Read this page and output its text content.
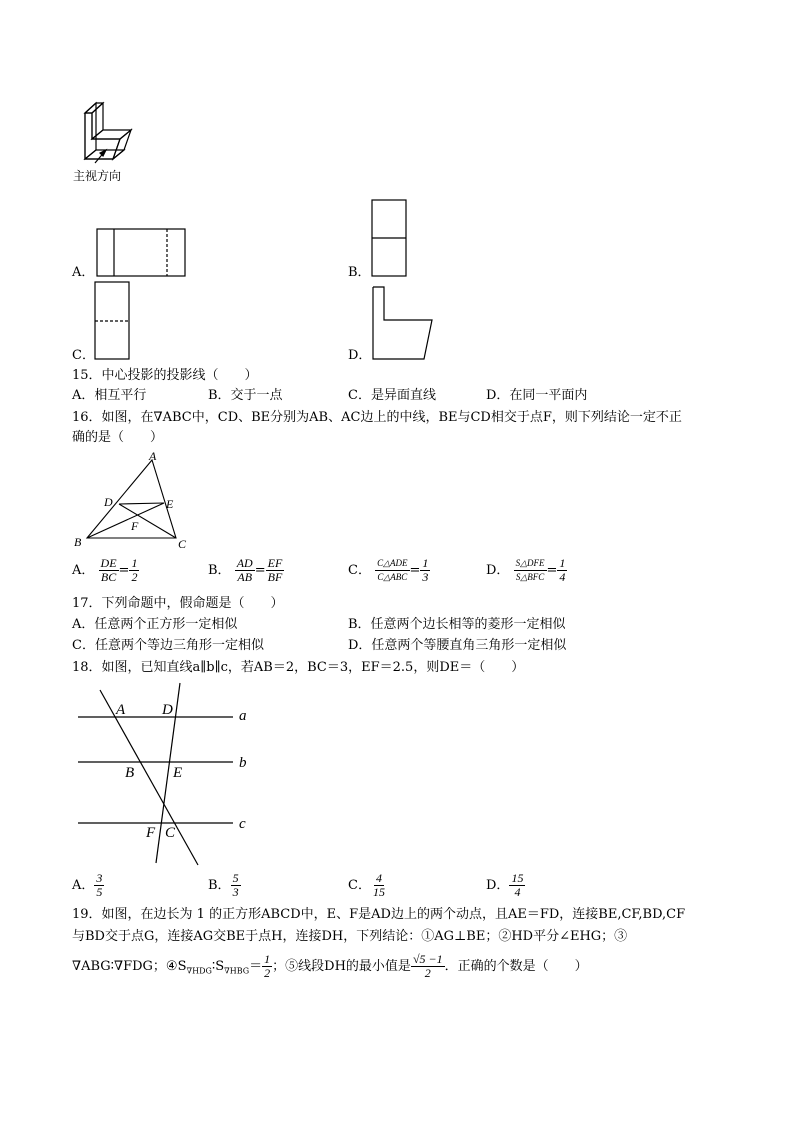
A
D	E
F
B	C
A D
B	E
F C
a
b
c
主视方向
A．	B．
C．	D．
15．中心投影的投影线（　　）
A．相互平行	B．交于一点	C．是异面直线	D．在同一平面内
16．如图，在∇ABC中，CD、BE分别为AB、AC边上的中线，BE与CD相交于点F，则下列结论一定不正
确的是（　　）
A． $\frac{DE}{BC} = \frac{1}{2}$	B． $\frac{AD}{AB} = \frac{EF}{BF}$	C． $\frac{\text{C△ADE}}{\text{C△ABC}} = \frac{1}{3}$	D． $\frac{\text{S△DFE}}{\text{S△BFC}} = \frac{1}{4}$
17．下列命题中，假命题是（　　）
A．任意两个正方形一定相似	B．任意两个边长相等的菱形一定相似
C．任意两个等边三角形一定相似	D．任意两个等腰直角三角形一定相似
18．如图，已知直线a∥b∥c，若AB＝2，BC＝3，EF＝2.5，则DE＝（　　）
A． $\frac{3}{5}$	B． $\frac{5}{3}$	C． $\frac{4}{15}$	D． $\frac{15}{4}$
19．如图，在边长为 1 的正方形ABCD中，E、F是AD边上的两个动点，且AE＝FD，连接BE,CF,BD,CF
与BD交于点G，连接AG交BE于点H，连接DH，下列结论：①AG⊥BE；②HD平分∠EHG；③
∇ABG∶∇FDG；$④S_{\nabla HDG}∶S_{\nabla HBG}= \frac{1}{2}$ ；⑤线段DH的最小值是 $\frac{√5 -1}{2}$ ．正确的个数是（　　）
